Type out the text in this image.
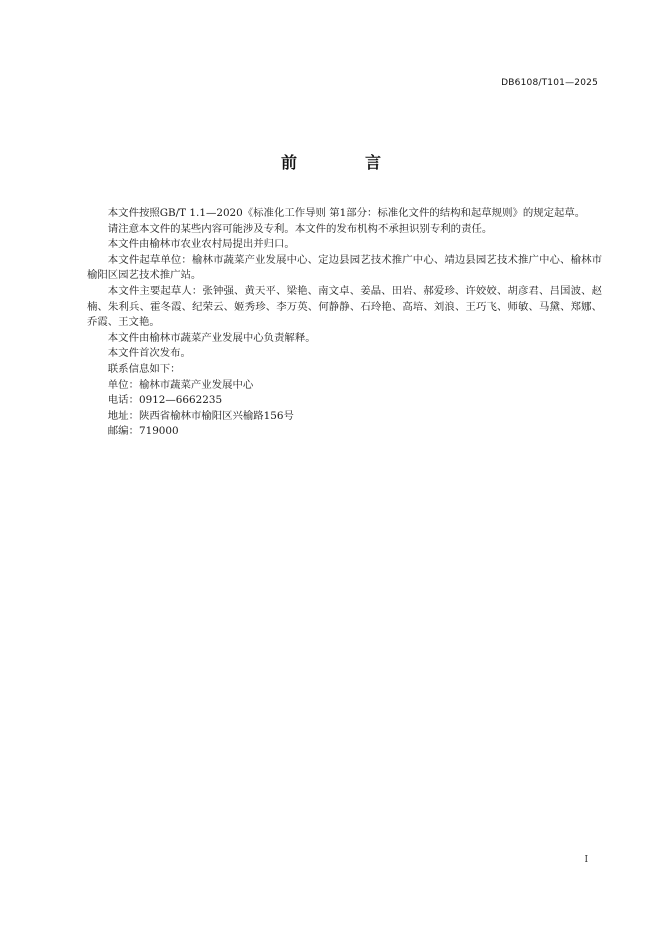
DB6108/T101—2025
前　言

本文件按照GB/T 1.1—2020《标准化工作导则 第1部分：标准化文件的结构和起草规则》的规定起草。

请注意本文件的某些内容可能涉及专利。本文件的发布机构不承担识别专利的责任。

本文件由榆林市农业农村局提出并归口。

本文件起草单位：榆林市蔬菜产业发展中心、定边县园艺技术推广中心、靖边县园艺技术推广中心、榆林市榆阳区园艺技术推广站。

本文件主要起草人：张钟强、黄天平、梁艳、南文卓、姜晶、田岩、郝爱珍、许姣姣、胡彦君、吕国波、赵楠、朱利兵、霍冬霞、纪荣云、姬秀珍、李万英、何静静、石玲艳、高培、刘浪、王巧飞、师敏、马黛、郑娜、乔霞、王文艳。

本文件由榆林市蔬菜产业发展中心负责解释。

本文件首次发布。

联系信息如下：

单位：榆林市蔬菜产业发展中心

电话：0912—6662235

地址：陕西省榆林市榆阳区兴榆路156号

邮编：719000

I
